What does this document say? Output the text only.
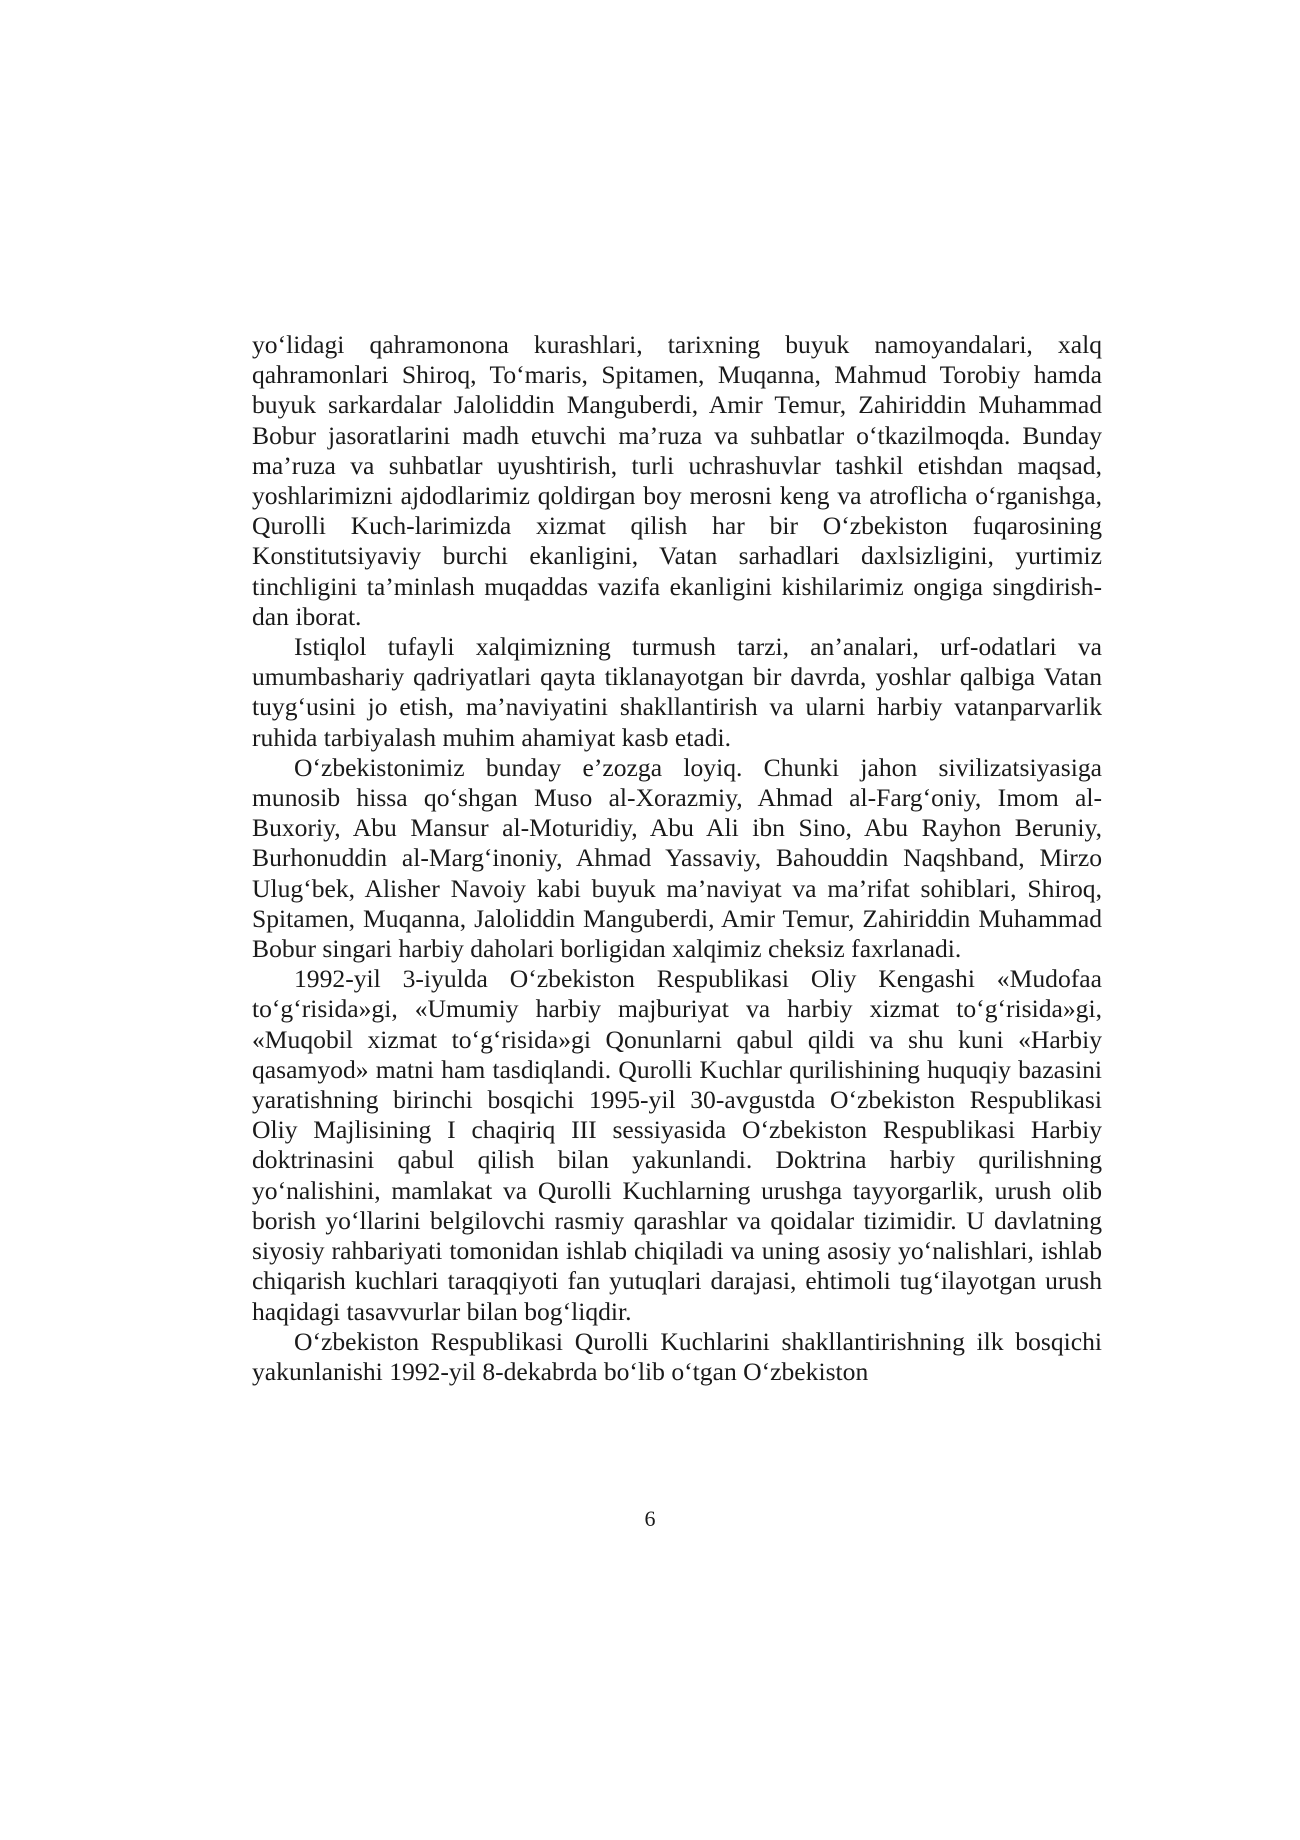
yo‘lidagi qahramonona kurashlari, tarixning buyuk namoyandalari, xalq qahramonlari Shiroq, To‘maris, Spitamen, Muqanna, Mahmud Torobiy hamda buyuk sarkardalar Jaloliddin Manguberdi, Amir Temur, Zahiriddin Muhammad Bobur jasoratlarini madh etuvchi ma’ruza va suhbatlar o‘tkazilmoqda. Bunday ma’ruza va suhbatlar uyushtirish, turli uchrashuvlar tashkil etishdan maqsad, yoshlarimizni ajdodlarimiz qoldirgan boy merosni keng va atroflicha o‘rganishga, Qurolli Kuch-larimizda xizmat qilish har bir O‘zbekiston fuqarosining Konstitutsiyaviy burchi ekanligini, Vatan sarhadlari daxlsizligini, yurtimiz tinchligini ta’minlash muqaddas vazifa ekanligini kishilarimiz ongiga singdirish-dan iborat.

Istiqlol tufayli xalqimizning turmush tarzi, an’analari, urf-odatlari va umumbashariy qadriyatlari qayta tiklanayotgan bir davrda, yoshlar qalbiga Vatan tuyg‘usini jo etish, ma’naviyatini shakllantirish va ularni harbiy vatanparvarlik ruhida tarbiyalash muhim ahamiyat kasb etadi.

O‘zbekistonimiz bunday e’zozga loyiq. Chunki jahon sivilizatsiyasiga munosib hissa qo‘shgan Muso al-Xorazmiy, Ahmad al-Farg‘oniy, Imom al-Buxoriy, Abu Mansur al-Moturidiy, Abu Ali ibn Sino, Abu Rayhon Beruniy, Burhonuddin al-Marg‘inoniy, Ahmad Yassaviy, Bahouddin Naqshband, Mirzo Ulug‘bek, Alisher Navoiy kabi buyuk ma’naviyat va ma’rifat sohiblari, Shiroq, Spitamen, Muqanna, Jaloliddin Manguberdi, Amir Temur, Zahiriddin Muhammad Bobur singari harbiy daholari borligidan xalqimiz cheksiz faxrlanadi.

1992-yil 3-iyulda O‘zbekiston Respublikasi Oliy Kengashi «Mudofaa to‘g‘risida»gi, «Umumiy harbiy majburiyat va harbiy xizmat to‘g‘risida»gi, «Muqobil xizmat to‘g‘risida»gi Qonunlarni qabul qildi va shu kuni «Harbiy qasamyod» matni ham tasdiqlandi. Qurolli Kuchlar qurilishining huquqiy bazasini yaratishning birinchi bosqichi 1995-yil 30-avgustda O‘zbekiston Respublikasi Oliy Majlisining I chaqiriq III sessiyasida O‘zbekiston Respublikasi Harbiy doktrinasini qabul qilish bilan yakunlandi. Doktrina harbiy qurilishning yo‘nalishini, mamlakat va Qurolli Kuchlarning urushga tayyorgarlik, urush olib borish yo‘llarini belgilovchi rasmiy qarashlar va qoidalar tizimidir. U davlatning siyosiy rahbariyati tomonidan ishlab chiqiladi va uning asosiy yo‘nalishlari, ishlab chiqarish kuchlari taraqqiyoti fan yutuqlari darajasi, ehtimoli tug‘ilayotgan urush haqidagi tasavvurlar bilan bog‘liqdir.

O‘zbekiston Respublikasi Qurolli Kuchlarini shakllantirishning ilk bosqichi yakunlanishi 1992-yil 8-dekabrda bo‘lib o‘tgan O‘zbekiston

6
